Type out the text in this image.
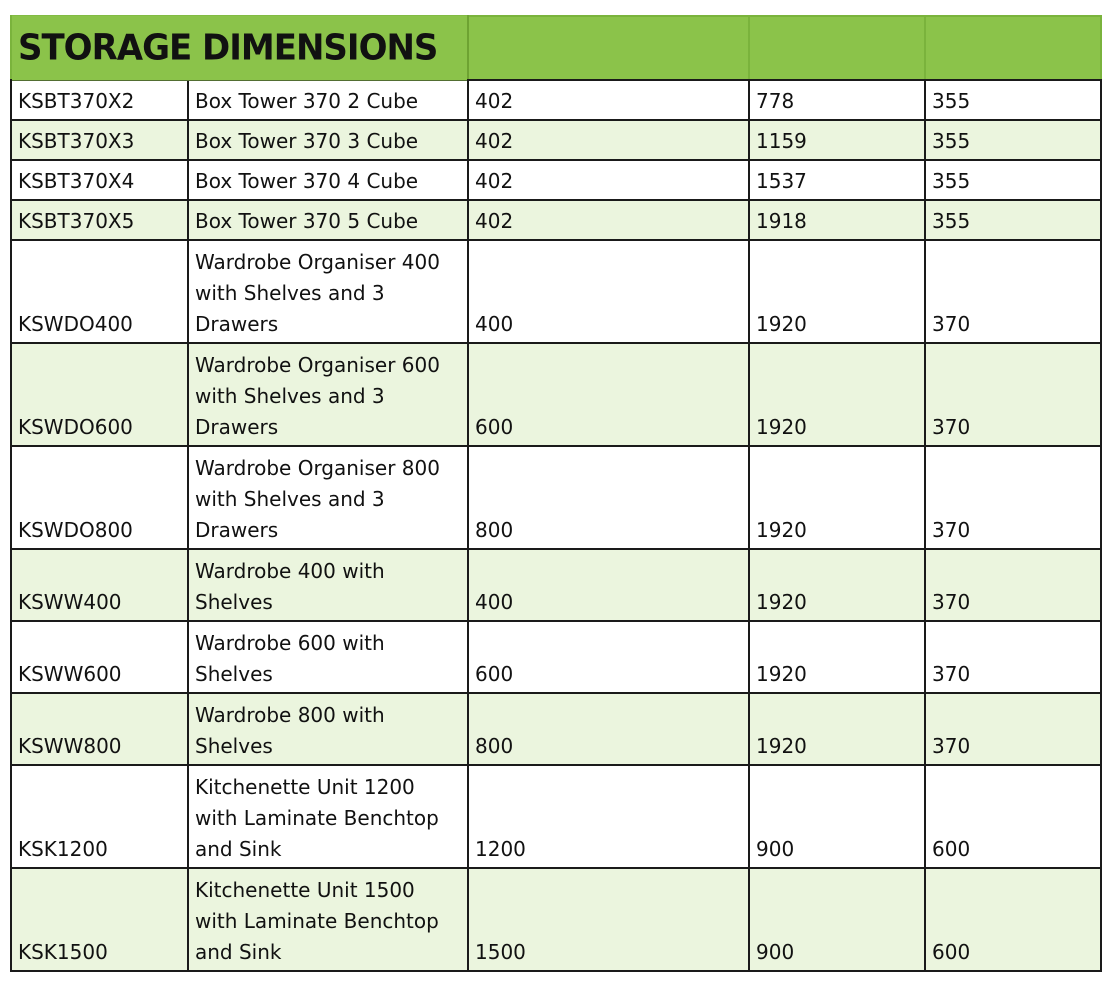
STORAGE DIMENSIONS				
KSBT370X2	Box Tower 370 2 Cube	402	778	355
KSBT370X3	Box Tower 370 3 Cube	402	1159	355
KSBT370X4	Box Tower 370 4 Cube	402	1537	355
KSBT370X5	Box Tower 370 5 Cube	402	1918	355
KSWDO400	Wardrobe Organiser 400 with Shelves and 3 Drawers	400	1920	370
KSWDO600	Wardrobe Organiser 600 with Shelves and 3 Drawers	600	1920	370
KSWDO800	Wardrobe Organiser 800 with Shelves and 3 Drawers	800	1920	370
KSWW400	Wardrobe 400 with Shelves	400	1920	370
KSWW600	Wardrobe 600 with Shelves	600	1920	370
KSWW800	Wardrobe 800 with Shelves	800	1920	370
KSK1200	Kitchenette Unit 1200 with Laminate Benchtop and Sink	1200	900	600
KSK1500	Kitchenette Unit 1500 with Laminate Benchtop and Sink	1500	900	600
